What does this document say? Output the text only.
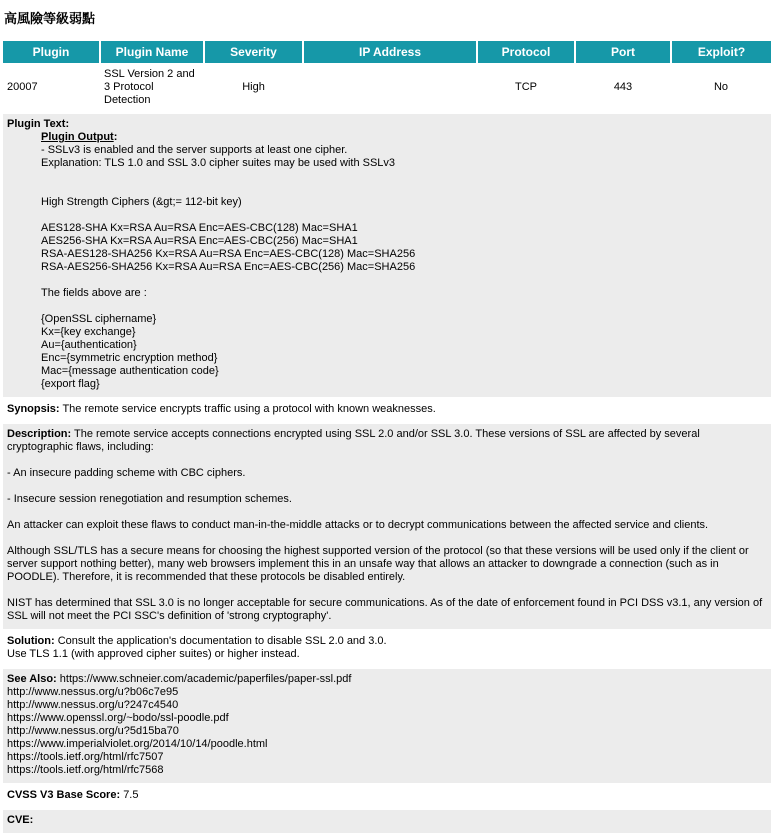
高風險等級弱點
Plugin	Plugin Name	Severity	IP Address	Protocol	Port	Exploit?
20007	SSL Version 2 and 3 Protocol Detection	High		TCP	443	No

Plugin Text:
Plugin Output:
- SSLv3 is enabled and the server supports at least one cipher.
Explanation: TLS 1.0 and SSL 3.0 cipher suites may be used with SSLv3

High Strength Ciphers (&gt;= 112-bit key)

AES128-SHA Kx=RSA Au=RSA Enc=AES-CBC(128) Mac=SHA1
AES256-SHA Kx=RSA Au=RSA Enc=AES-CBC(256) Mac=SHA1
RSA-AES128-SHA256 Kx=RSA Au=RSA Enc=AES-CBC(128) Mac=SHA256
RSA-AES256-SHA256 Kx=RSA Au=RSA Enc=AES-CBC(256) Mac=SHA256

The fields above are :

{OpenSSL ciphername}
Kx={key exchange}
Au={authentication}
Enc={symmetric encryption method}
Mac={message authentication code}
{export flag}

Synopsis: The remote service encrypts traffic using a protocol with known weaknesses.						

Description: The remote service accepts connections encrypted using SSL 2.0 and/or SSL 3.0. These versions of SSL are affected by several cryptographic flaws, including:

- An insecure padding scheme with CBC ciphers.

- Insecure session renegotiation and resumption schemes.

An attacker can exploit these flaws to conduct man-in-the-middle attacks or to decrypt communications between the affected service and clients.

Although SSL/TLS has a secure means for choosing the highest supported version of the protocol (so that these versions will be used only if the client or server support nothing better), many web browsers implement this in an unsafe way that allows an attacker to downgrade a connection (such as in POODLE). Therefore, it is recommended that these protocols be disabled entirely.

NIST has determined that SSL 3.0 is no longer acceptable for secure communications. As of the date of enforcement found in PCI DSS v3.1, any version of SSL will not meet the PCI SSC's definition of 'strong cryptography'.

Solution: Consult the application's documentation to disable SSL 2.0 and 3.0.
Use TLS 1.1 (with approved cipher suites) or higher instead.						

See Also: https://www.schneier.com/academic/paperfiles/paper-ssl.pdf
http://www.nessus.org/u?b06c7e95
http://www.nessus.org/u?247c4540
https://www.openssl.org/~bodo/ssl-poodle.pdf
http://www.nessus.org/u?5d15ba70
https://www.imperialviolet.org/2014/10/14/poodle.html
https://tools.ietf.org/html/rfc7507
https://tools.ietf.org/html/rfc7568

CVSS V3 Base Score: 7.5						

CVE:						
